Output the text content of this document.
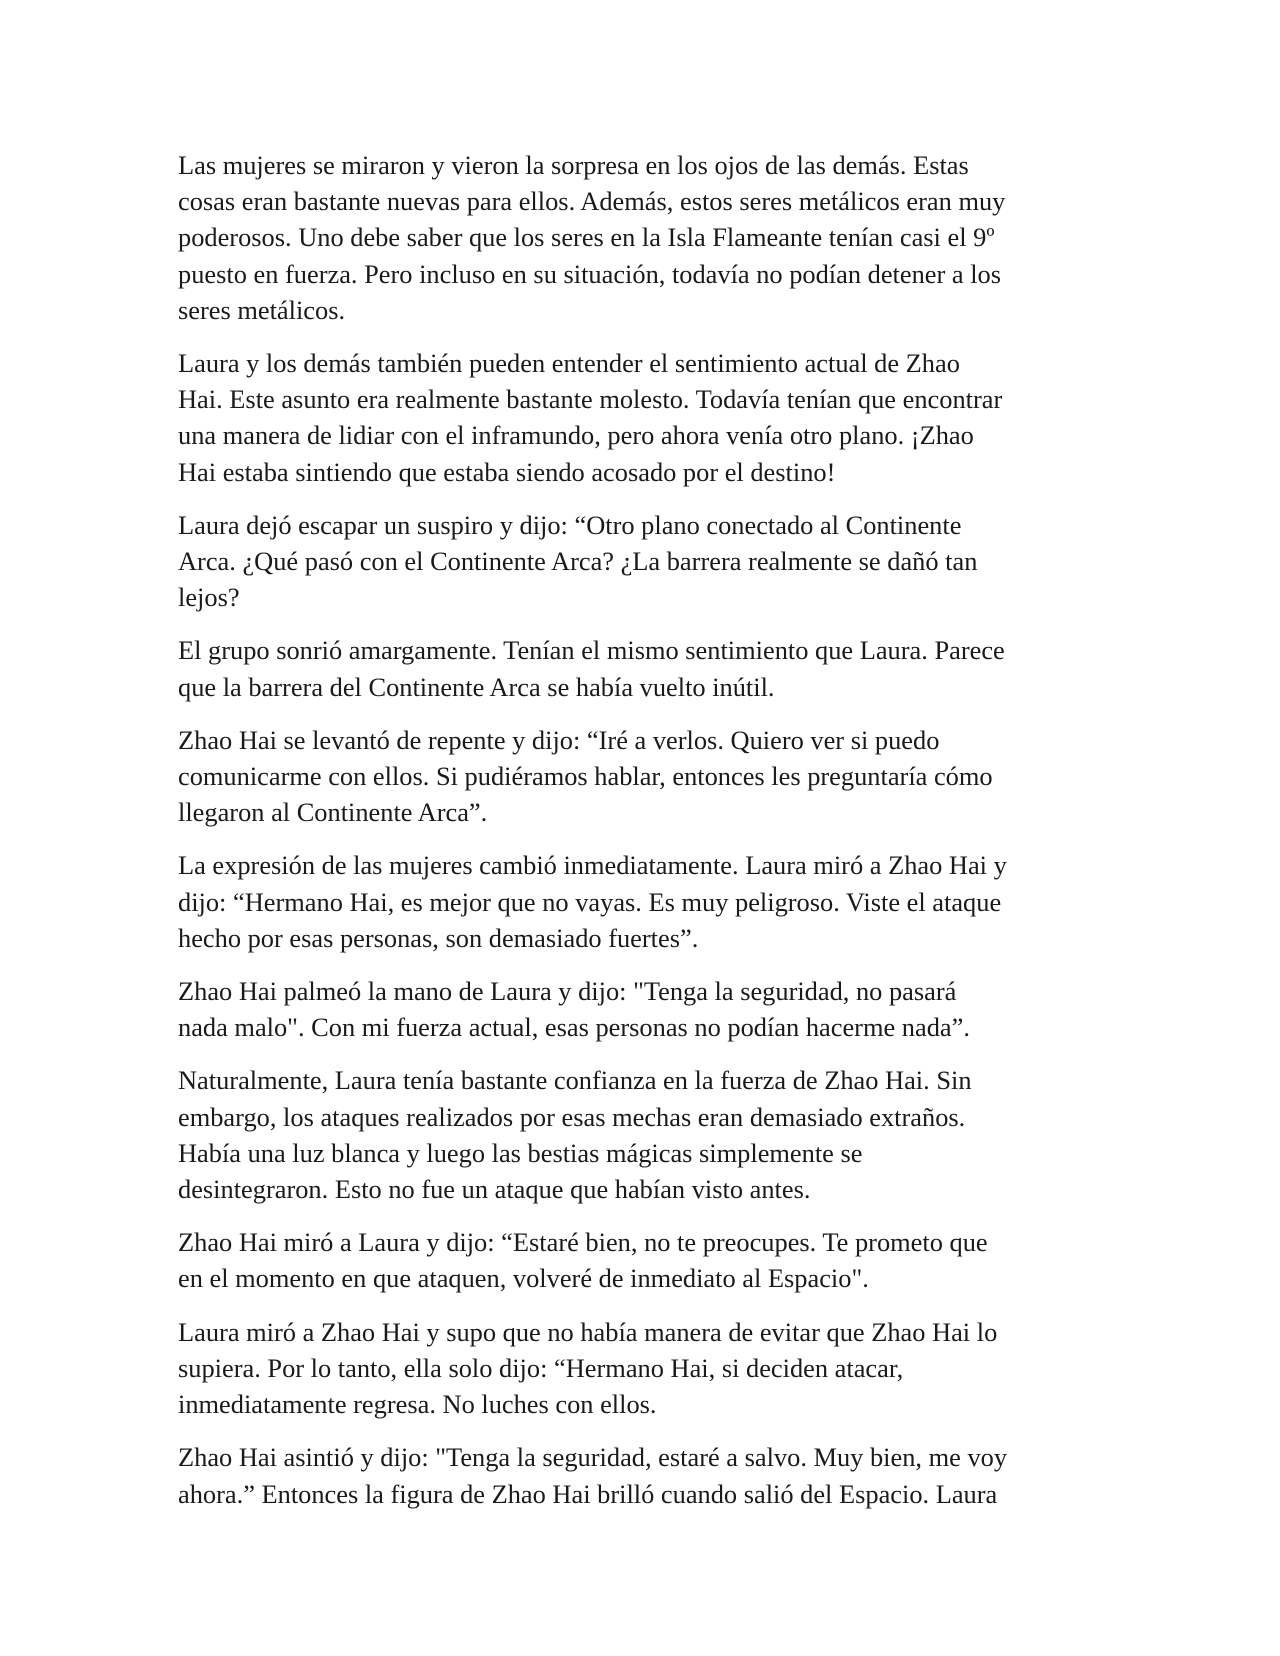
Las mujeres se miraron y vieron la sorpresa en los ojos de las demás. Estas
cosas eran bastante nuevas para ellos. Además, estos seres metálicos eran muy
poderosos. Uno debe saber que los seres en la Isla Flameante tenían casi el 9º
puesto en fuerza. Pero incluso en su situación, todavía no podían detener a los
seres metálicos.

Laura y los demás también pueden entender el sentimiento actual de Zhao
Hai. Este asunto era realmente bastante molesto. Todavía tenían que encontrar
una manera de lidiar con el inframundo, pero ahora venía otro plano. ¡Zhao
Hai estaba sintiendo que estaba siendo acosado por el destino!

Laura dejó escapar un suspiro y dijo: “Otro plano conectado al Continente
Arca. ¿Qué pasó con el Continente Arca? ¿La barrera realmente se dañó tan
lejos?

El grupo sonrió amargamente. Tenían el mismo sentimiento que Laura. Parece
que la barrera del Continente Arca se había vuelto inútil.

Zhao Hai se levantó de repente y dijo: “Iré a verlos. Quiero ver si puedo
comunicarme con ellos. Si pudiéramos hablar, entonces les preguntaría cómo
llegaron al Continente Arca”.

La expresión de las mujeres cambió inmediatamente. Laura miró a Zhao Hai y
dijo: “Hermano Hai, es mejor que no vayas. Es muy peligroso. Viste el ataque
hecho por esas personas, son demasiado fuertes”.

Zhao Hai palmeó la mano de Laura y dijo: "Tenga la seguridad, no pasará
nada malo". Con mi fuerza actual, esas personas no podían hacerme nada”.

Naturalmente, Laura tenía bastante confianza en la fuerza de Zhao Hai. Sin
embargo, los ataques realizados por esas mechas eran demasiado extraños.
Había una luz blanca y luego las bestias mágicas simplemente se
desintegraron. Esto no fue un ataque que habían visto antes.

Zhao Hai miró a Laura y dijo: “Estaré bien, no te preocupes. Te prometo que
en el momento en que ataquen, volveré de inmediato al Espacio".

Laura miró a Zhao Hai y supo que no había manera de evitar que Zhao Hai lo
supiera. Por lo tanto, ella solo dijo: “Hermano Hai, si deciden atacar,
inmediatamente regresa. No luches con ellos.

Zhao Hai asintió y dijo: "Tenga la seguridad, estaré a salvo. Muy bien, me voy
ahora.” Entonces la figura de Zhao Hai brilló cuando salió del Espacio. Laura
